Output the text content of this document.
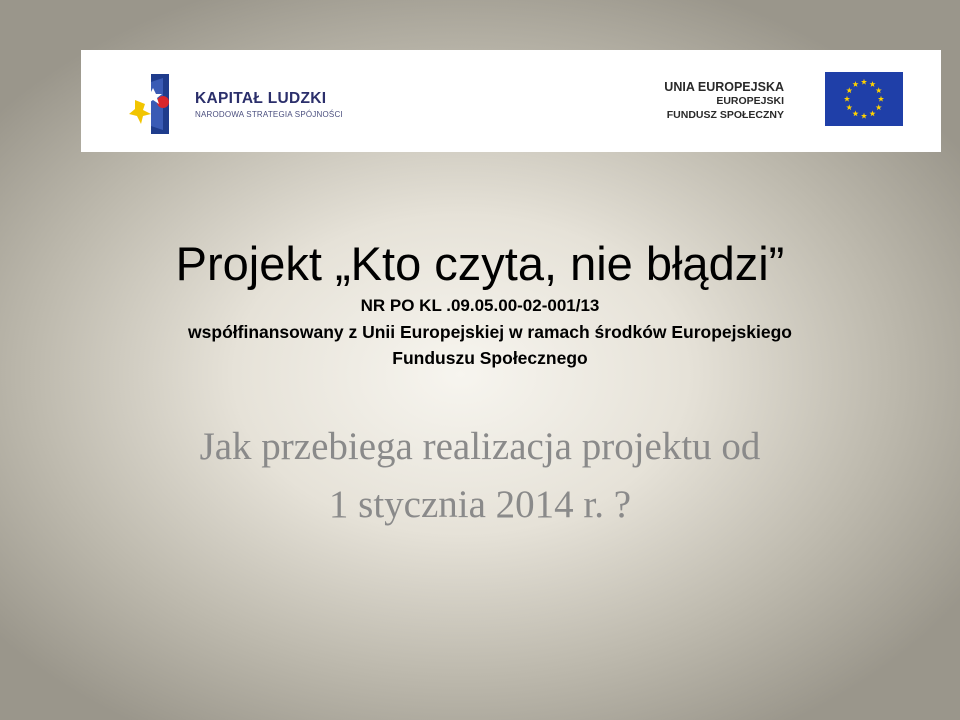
KAPITAŁ LUDZKI
NARODOWA STRATEGIA SPÓJNOŚCI
UNIA EUROPEJSKA
EUROPEJSKI
FUNDUSZ SPOŁECZNY
Projekt „Kto czyta, nie błądzi”
NR PO KL .09.05.00-02-001/13
współfinansowany z Unii Europejskiej w ramach środków Europejskiego
Funduszu Społecznego
Jak przebiega realizacja projektu od
1 stycznia 2014 r. ?
